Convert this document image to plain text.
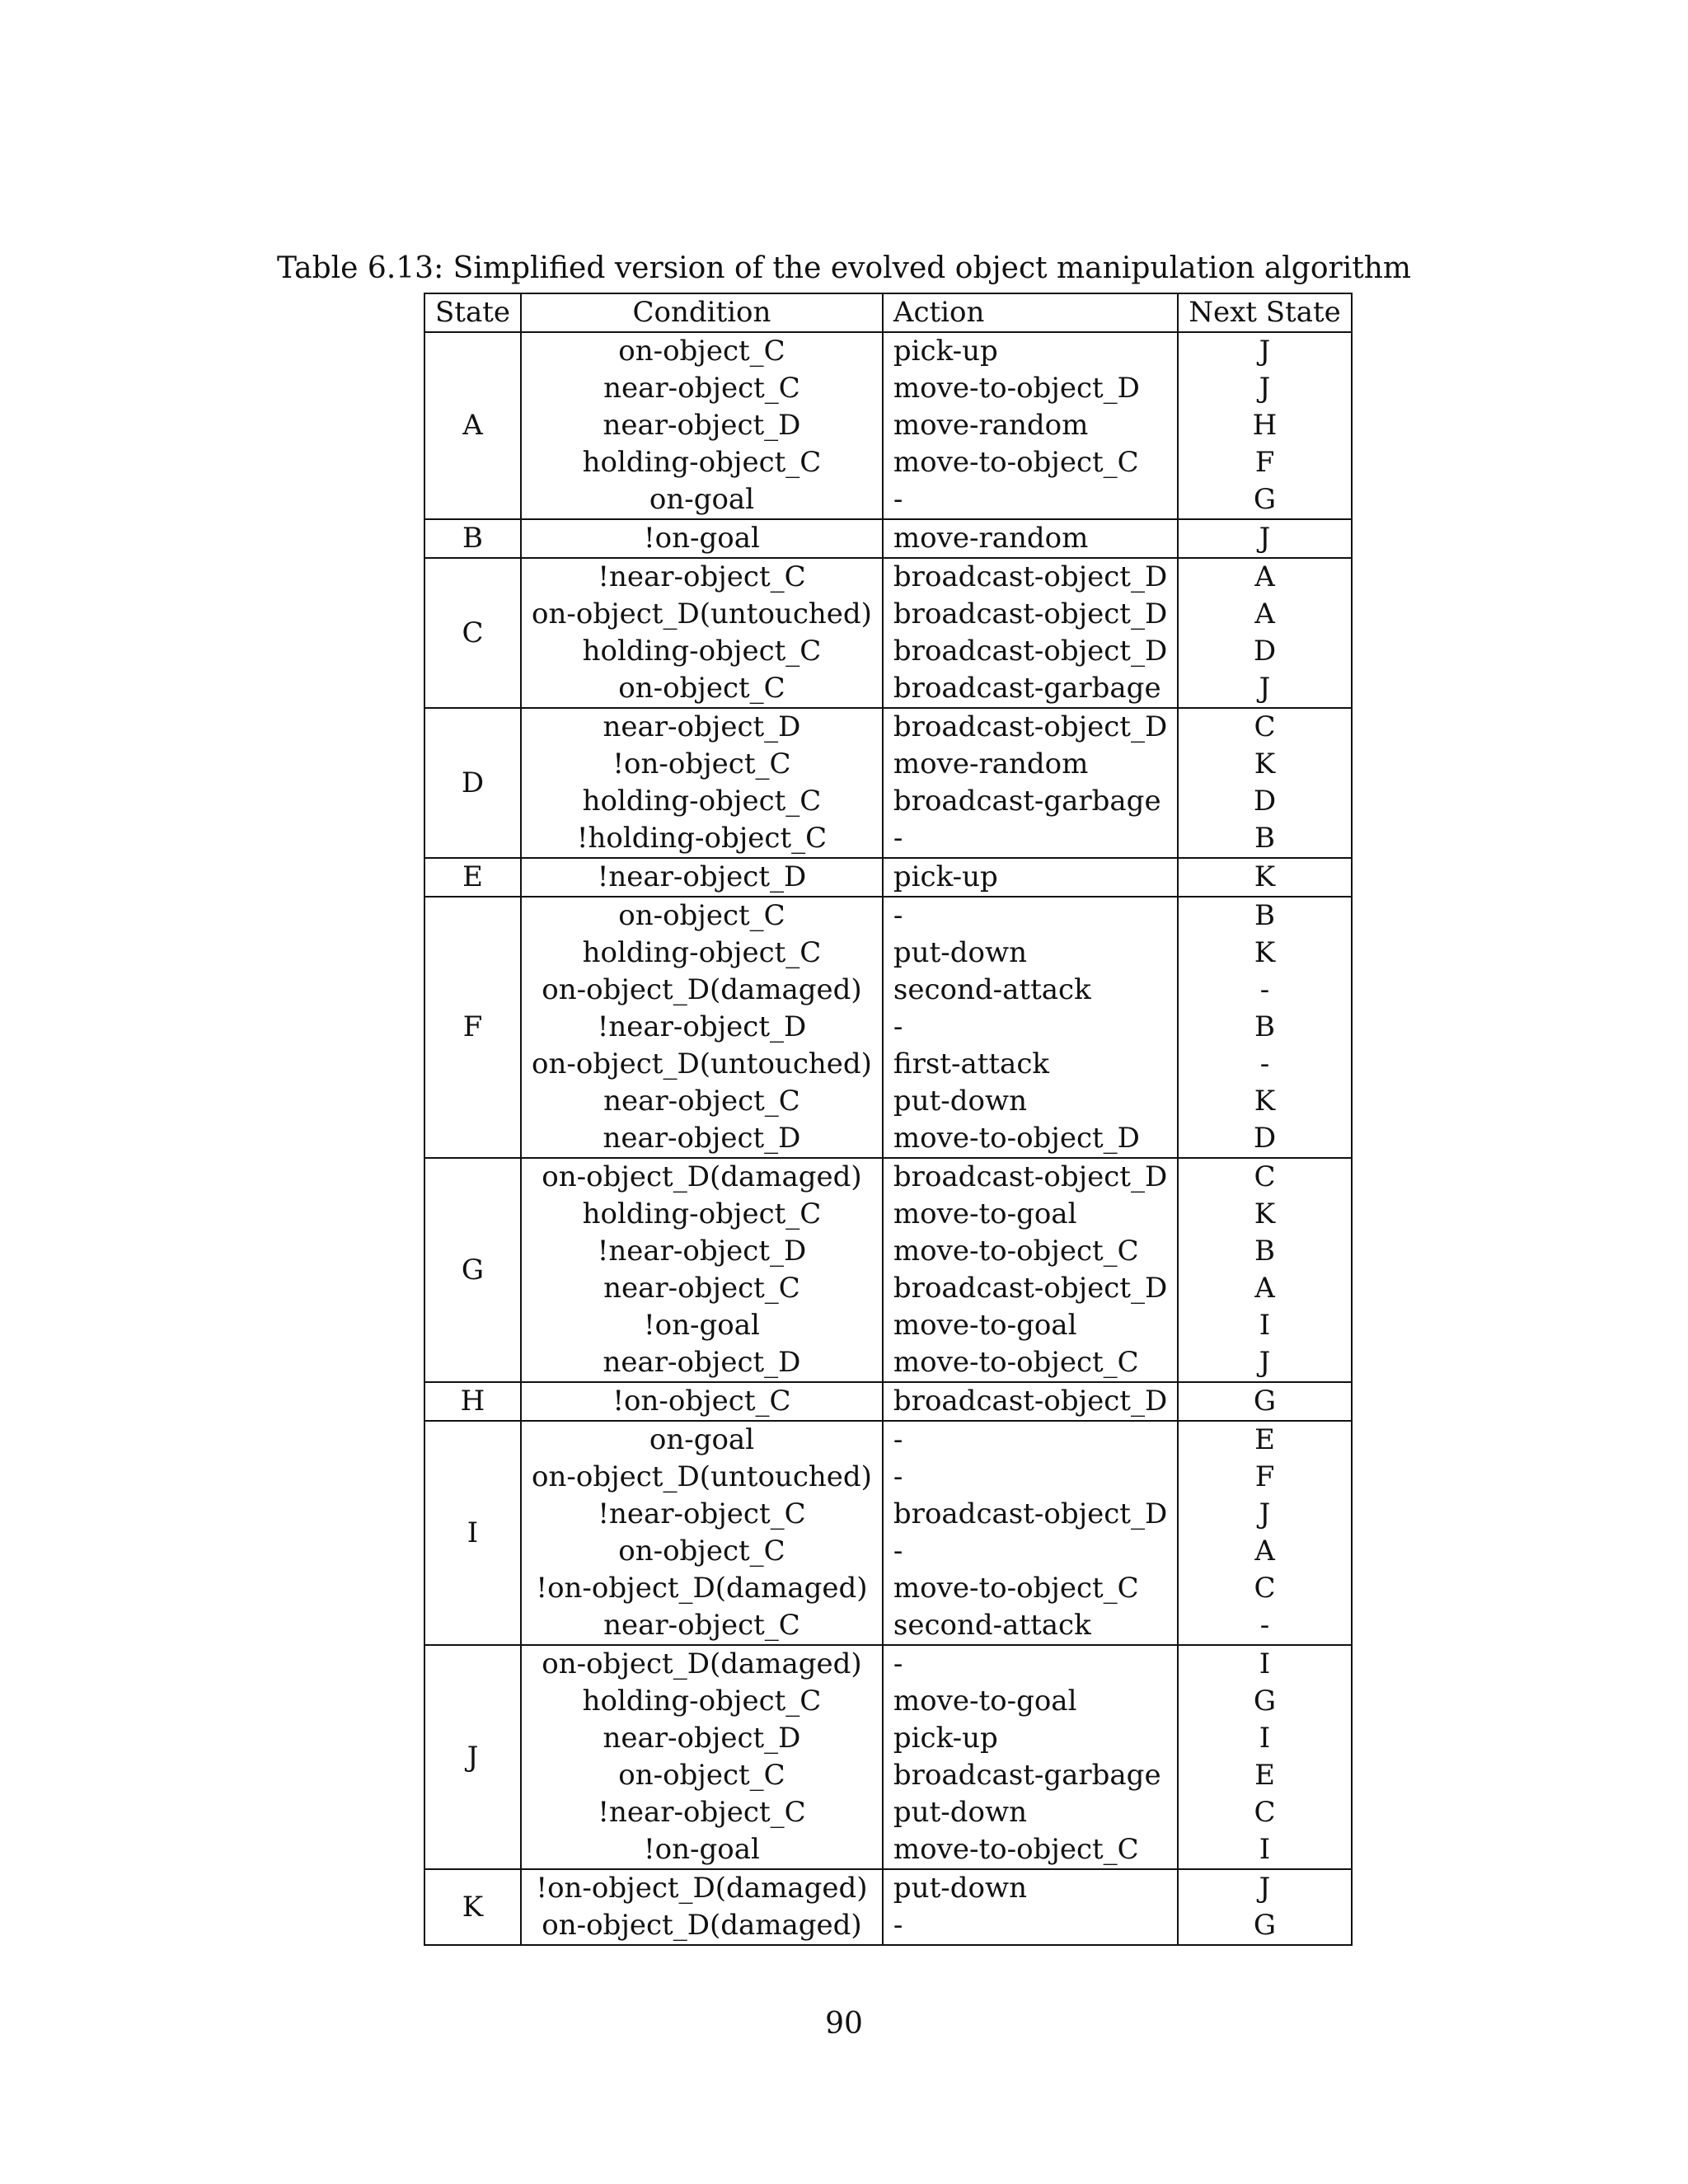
Table 6.13: Simplified version of the evolved object manipulation algorithm
State	Condition	Action	Next State
A	on-object_C	pick-up	J
	near-object_C	move-to-object_D	J
	near-object_D	move-random	H
	holding-object_C	move-to-object_C	F
	on-goal	-	G
B	!on-goal	move-random	J
C	!near-object_C	broadcast-object_D	A
	on-object_D(untouched)	broadcast-object_D	A
	holding-object_C	broadcast-object_D	D
	on-object_C	broadcast-garbage	J
D	near-object_D	broadcast-object_D	C
	!on-object_C	move-random	K
	holding-object_C	broadcast-garbage	D
	!holding-object_C	-	B
E	!near-object_D	pick-up	K
F	on-object_C	-	B
	holding-object_C	put-down	K
	on-object_D(damaged)	second-attack	-
	!near-object_D	-	B
	on-object_D(untouched)	first-attack	-
	near-object_C	put-down	K
	near-object_D	move-to-object_D	D
G	on-object_D(damaged)	broadcast-object_D	C
	holding-object_C	move-to-goal	K
	!near-object_D	move-to-object_C	B
	near-object_C	broadcast-object_D	A
	!on-goal	move-to-goal	I
	near-object_D	move-to-object_C	J
H	!on-object_C	broadcast-object_D	G
I	on-goal	-	E
	on-object_D(untouched)	-	F
	!near-object_C	broadcast-object_D	J
	on-object_C	-	A
	!on-object_D(damaged)	move-to-object_C	C
	near-object_C	second-attack	-
J	on-object_D(damaged)	-	I
	holding-object_C	move-to-goal	G
	near-object_D	pick-up	I
	on-object_C	broadcast-garbage	E
	!near-object_C	put-down	C
	!on-goal	move-to-object_C	I
K	!on-object_D(damaged)	put-down	J
	on-object_D(damaged)	-	G
90
